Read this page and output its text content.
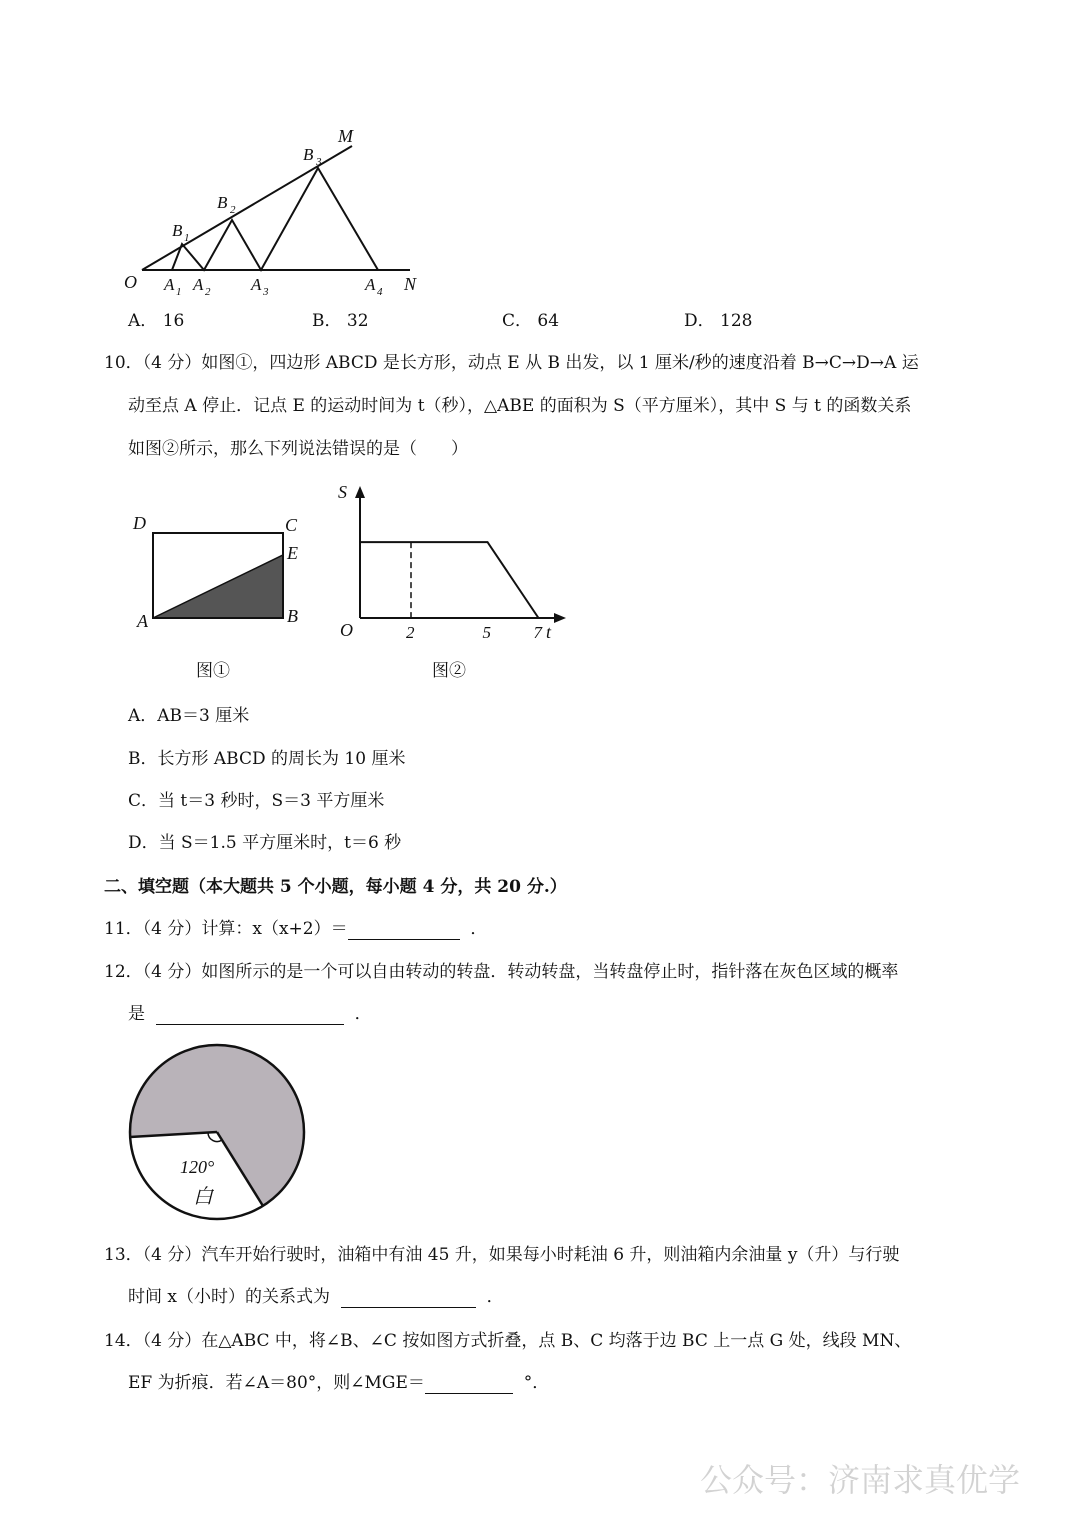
O	N
M
B 1
B 2
B 3
A 1 A 2 A 3	A 4
A． 16	B． 32	C． 64	D． 128
10．（4 分）如图①，四边形 ABCD 是长方形，动点 E 从 B 出发，以 1 厘米/秒的速度沿着 B→C→D→A 运
动至点 A 停止．记点 E 的运动时间为 t（秒），△ABE 的面积为 S（平方厘米），其中 S 与 t 的函数关系
如图②所示，那么下列说法错误的是（　　）
D	C
E
A	B
图①
S
O	t
2	5	7
图②
A．AB＝3 厘米
B．长方形 ABCD 的周长为 10 厘米
C．当 t＝3 秒时，S＝3 平方厘米
D．当 S＝1.5 平方厘米时，t＝6 秒
二、填空题（本大题共 5 个小题，每小题 4 分，共 20 分.）
11．（4 分）计算：x（x+2）＝	．
12．（4 分）如图所示的是一个可以自由转动的转盘．转动转盘，当转盘停止时，指针落在灰色区域的概率
是	．
120°
白
13．（4 分）汽车开始行驶时，油箱中有油 45 升，如果每小时耗油 6 升，则油箱内余油量 y（升）与行驶
时间 x（小时）的关系式为	．
14．（4 分）在△ABC 中，将∠B、∠C 按如图方式折叠，点 B、C 均落于边 BC 上一点 G 处，线段 MN、
EF 为折痕．若∠A＝80°，则∠MGE＝	°．
公众号：济南求真优学
